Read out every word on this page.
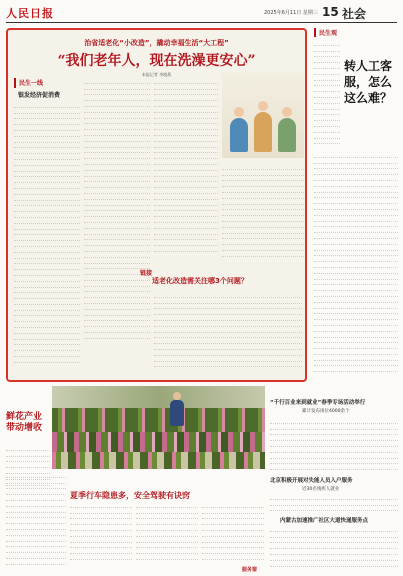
人民日报	2025年6月11日 星期三 15 社会
治省适老化“小改造”，撬动幸福生活“大工程”
“我们老年人，现在洗澡更安心”
本报记者 李晓燕
民生一线
银发经济促消费
链接
适老化改造需关注哪3个问题？
民生观
转人工客服，怎么这么难？
“千行百业来到就业”春季专场活动举行
累计发布岗位4000余个
北京积极开展对失能人员入户服务
近30名残疾人就业
内蒙古加速推广社区大道快递服务点
鲜花产业带动增收
夏季行车隐患多，安全驾驶有诀窍
服务窗
